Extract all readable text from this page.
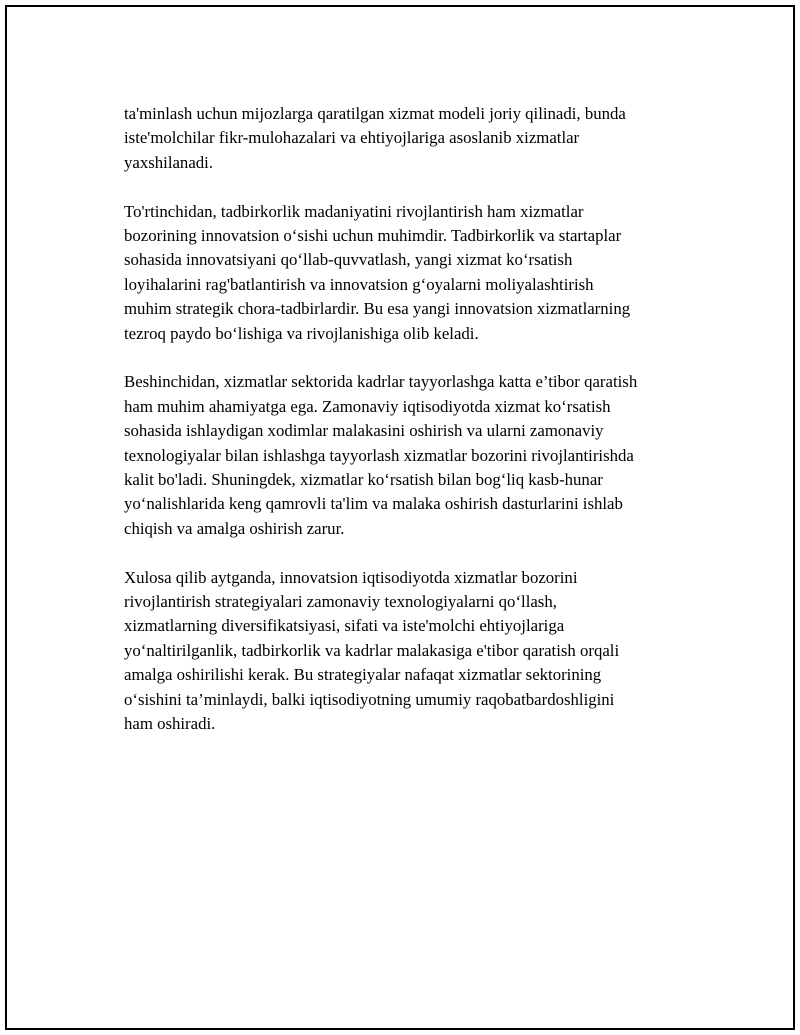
ta'minlash uchun mijozlarga qaratilgan xizmat modeli joriy qilinadi, bunda
iste'molchilar fikr-mulohazalari va ehtiyojlariga asoslanib xizmatlar
yaxshilanadi.

To'rtinchidan, tadbirkorlik madaniyatini rivojlantirish ham xizmatlar
bozorining innovatsion o‘sishi uchun muhimdir. Tadbirkorlik va startaplar
sohasida innovatsiyani qo‘llab-quvvatlash, yangi xizmat ko‘rsatish
loyihalarini rag'batlantirish va innovatsion g‘oyalarni moliyalashtirish
muhim strategik chora-tadbirlardir. Bu esa yangi innovatsion xizmatlarning
tezroq paydo bo‘lishiga va rivojlanishiga olib keladi.

Beshinchidan, xizmatlar sektorida kadrlar tayyorlashga katta e’tibor qaratish
ham muhim ahamiyatga ega. Zamonaviy iqtisodiyotda xizmat ko‘rsatish
sohasida ishlaydigan xodimlar malakasini oshirish va ularni zamonaviy
texnologiyalar bilan ishlashga tayyorlash xizmatlar bozorini rivojlantirishda
kalit bo'ladi. Shuningdek, xizmatlar ko‘rsatish bilan bog‘liq kasb-hunar
yo‘nalishlarida keng qamrovli ta'lim va malaka oshirish dasturlarini ishlab
chiqish va amalga oshirish zarur.

Xulosa qilib aytganda, innovatsion iqtisodiyotda xizmatlar bozorini
rivojlantirish strategiyalari zamonaviy texnologiyalarni qo‘llash,
xizmatlarning diversifikatsiyasi, sifati va iste'molchi ehtiyojlariga
yo‘naltirilganlik, tadbirkorlik va kadrlar malakasiga e'tibor qaratish orqali
amalga oshirilishi kerak. Bu strategiyalar nafaqat xizmatlar sektorining
o‘sishini ta’minlaydi, balki iqtisodiyotning umumiy raqobatbardoshligini
ham oshiradi.
